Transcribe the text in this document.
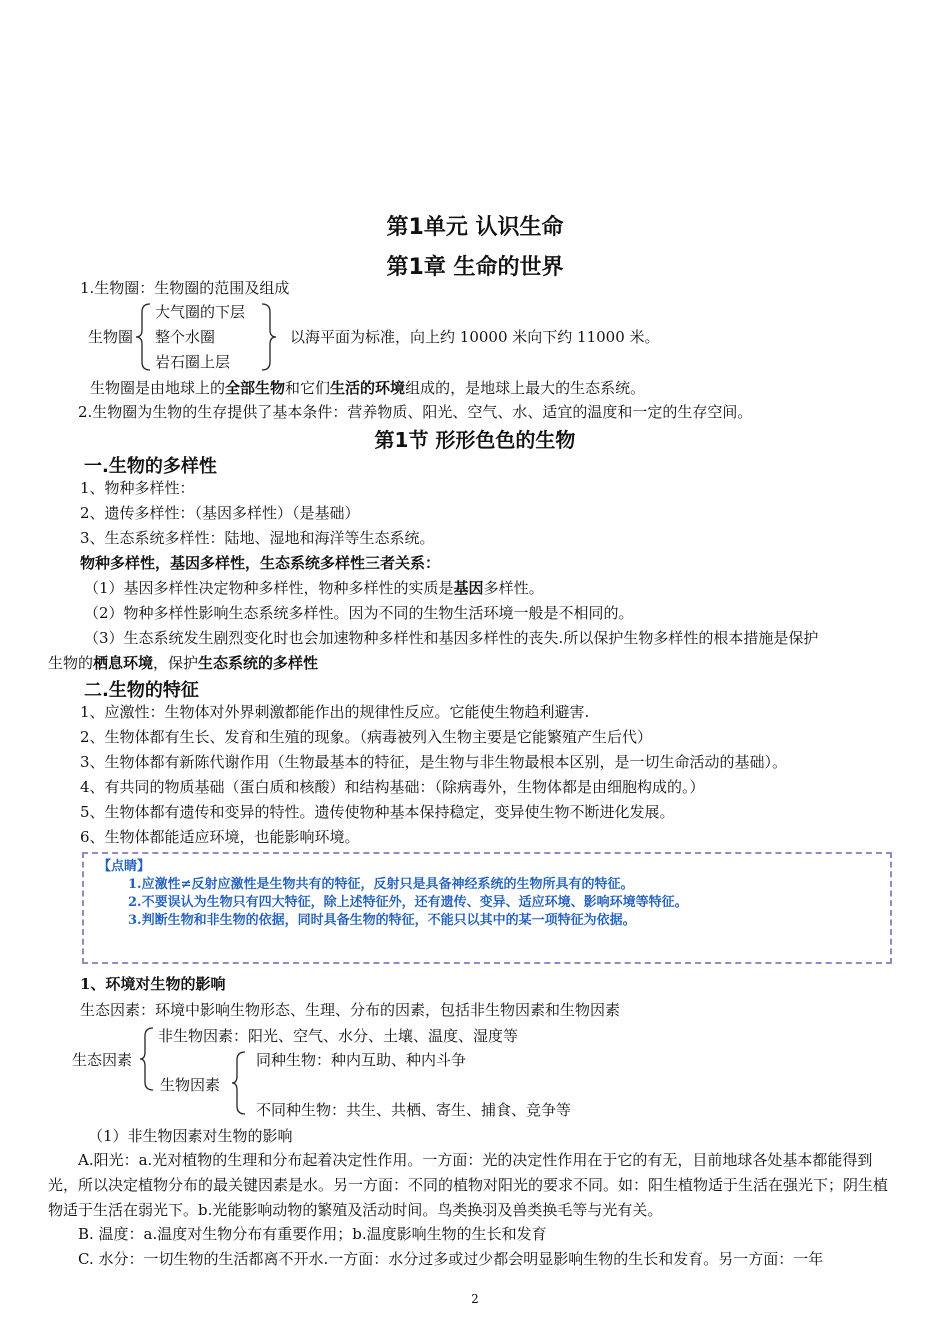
第1单元 认识生命
第1章 生命的世界
1.生物圈：生物圈的范围及组成
生物圈
大气圈的下层
整个水圈
岩石圈上层
以海平面为标准，向上约 10000 米向下约 11000 米。
生物圈是由地球上的全部生物和它们生活的环境组成的，是地球上最大的生态系统。
2.生物圈为生物的生存提供了基本条件：营养物质、阳光、空气、水、适宜的温度和一定的生存空间。
第1节 形形色色的生物
一.生物的多样性
1、物种多样性：
2、遗传多样性：（基因多样性）（是基础）
3、生态系统多样性：陆地、湿地和海洋等生态系统。
物种多样性，基因多样性，生态系统多样性三者关系：
（1）基因多样性决定物种多样性，物种多样性的实质是基因多样性。
（2）物种多样性影响生态系统多样性。因为不同的生物生活环境一般是不相同的。
（3）生态系统发生剧烈变化时也会加速物种多样性和基因多样性的丧失.所以保护生物多样性的根本措施是保护
生物的栖息环境，保护生态系统的多样性
二.生物的特征
1、应激性：生物体对外界刺激都能作出的规律性反应。它能使生物趋利避害.
2、生物体都有生长、发育和生殖的现象。（病毒被列入生物主要是它能繁殖产生后代）
3、生物体都有新陈代谢作用（生物最基本的特征，是生物与非生物最根本区别，是一切生命活动的基础）。
4、有共同的物质基础（蛋白质和核酸）和结构基础：（除病毒外，生物体都是由细胞构成的。）
5、生物体都有遗传和变异的特性。遗传使物种基本保持稳定，变异使生物不断进化发展。
6、生物体都能适应环境，也能影响环境。
【点睛】
1.应激性≠反射应激性是生物共有的特征，反射只是具备神经系统的生物所具有的特征。
2.不要误认为生物只有四大特征，除上述特征外，还有遗传、变异、适应环境、影响环境等特征。
3.判断生物和非生物的依据，同时具备生物的特征，不能只以其中的某一项特征为依据。
1、环境对生物的影响
生态因素：环境中影响生物形态、生理、分布的因素，包括非生物因素和生物因素
生态因素
非生物因素：阳光、空气、水分、土壤、温度、湿度等
生物因素
同种生物：种内互助、种内斗争
不同种生物：共生、共栖、寄生、捕食、竞争等
（1）非生物因素对生物的影响
A.阳光：a.光对植物的生理和分布起着决定性作用。一方面：光的决定性作用在于它的有无，目前地球各处基本都能得到光，所以决定植物分布的最关键因素是水。另一方面：不同的植物对阳光的要求不同。如：阳生植物适于生活在强光下；阴生植物适于生活在弱光下。b.光能影响动物的繁殖及活动时间。鸟类换羽及兽类换毛等与光有关。
B. 温度：a.温度对生物分布有重要作用；b.温度影响生物的生长和发育
C. 水分：一切生物的生活都离不开水.一方面：水分过多或过少都会明显影响生物的生长和发育。另一方面：一年
2
